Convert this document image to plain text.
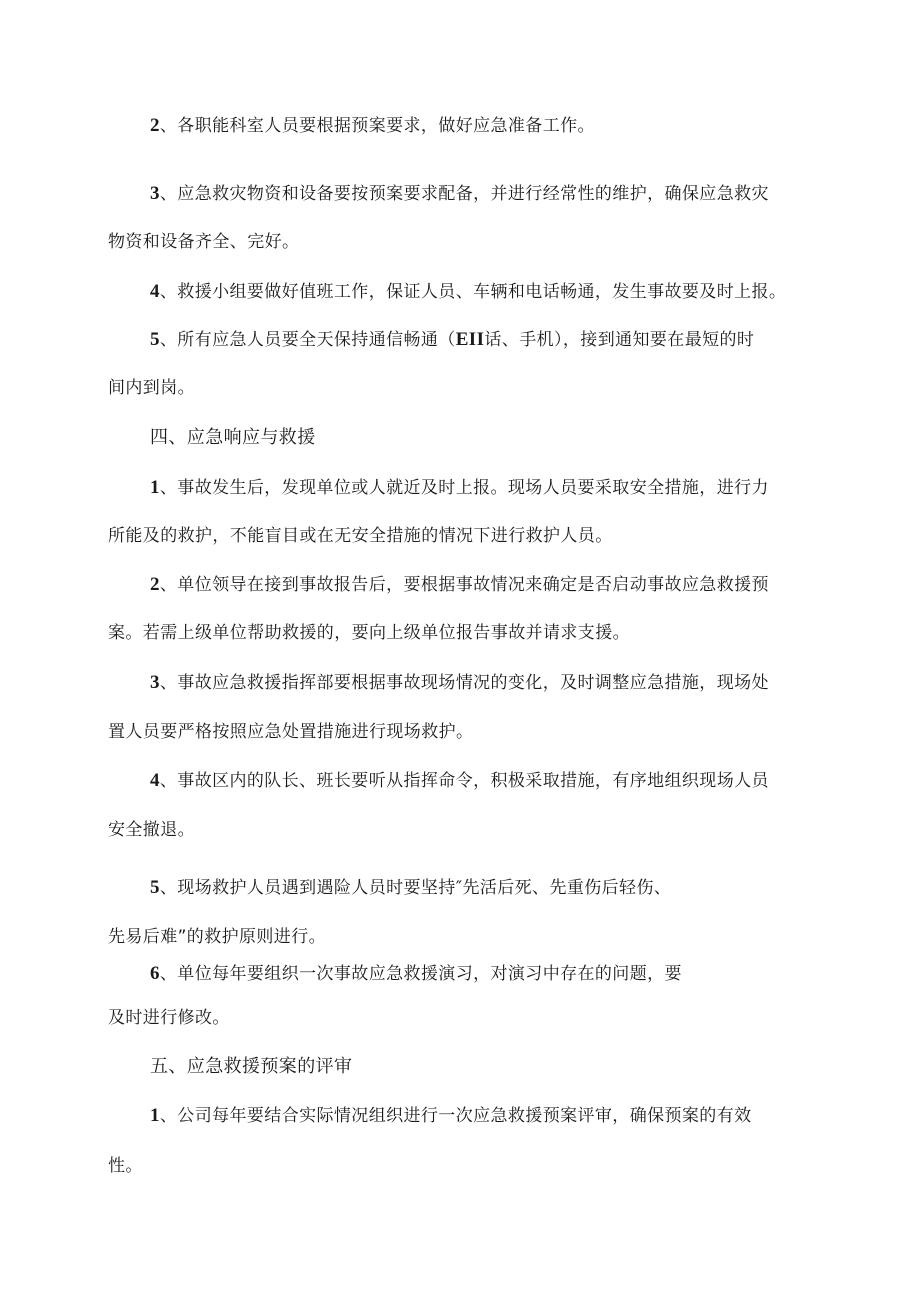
2、各职能科室人员要根据预案要求，做好应急准备工作。
3、应急救灾物资和设备要按预案要求配备，并进行经常性的维护，确保应急救灾
物资和设备齐全、完好。
4、救援小组要做好值班工作，保证人员、车辆和电话畅通，发生事故要及时上报。
5、所有应急人员要全天保持通信畅通（EII话、手机），接到通知要在最短的时
间内到岗。
四、应急响应与救援
1、事故发生后，发现单位或人就近及时上报。现场人员要采取安全措施，进行力
所能及的救护，不能盲目或在无安全措施的情况下进行救护人员。
2、单位领导在接到事故报告后，要根据事故情况来确定是否启动事故应急救援预
案。若需上级单位帮助救援的，要向上级单位报告事故并请求支援。
3、事故应急救援指挥部要根据事故现场情况的变化，及时调整应急措施，现场处
置人员要严格按照应急处置措施进行现场救护。
4、事故区内的队长、班长要听从指挥命令，积极采取措施，有序地组织现场人员
安全撤退。
5、现场救护人员遇到遇险人员时要坚持″先活后死、先重伤后轻伤、
先易后难”的救护原则进行。
6、单位每年要组织一次事故应急救援演习，对演习中存在的问题，要
及时进行修改。
五、应急救援预案的评审
1、公司每年要结合实际情况组织进行一次应急救援预案评审，确保预案的有效
性。
